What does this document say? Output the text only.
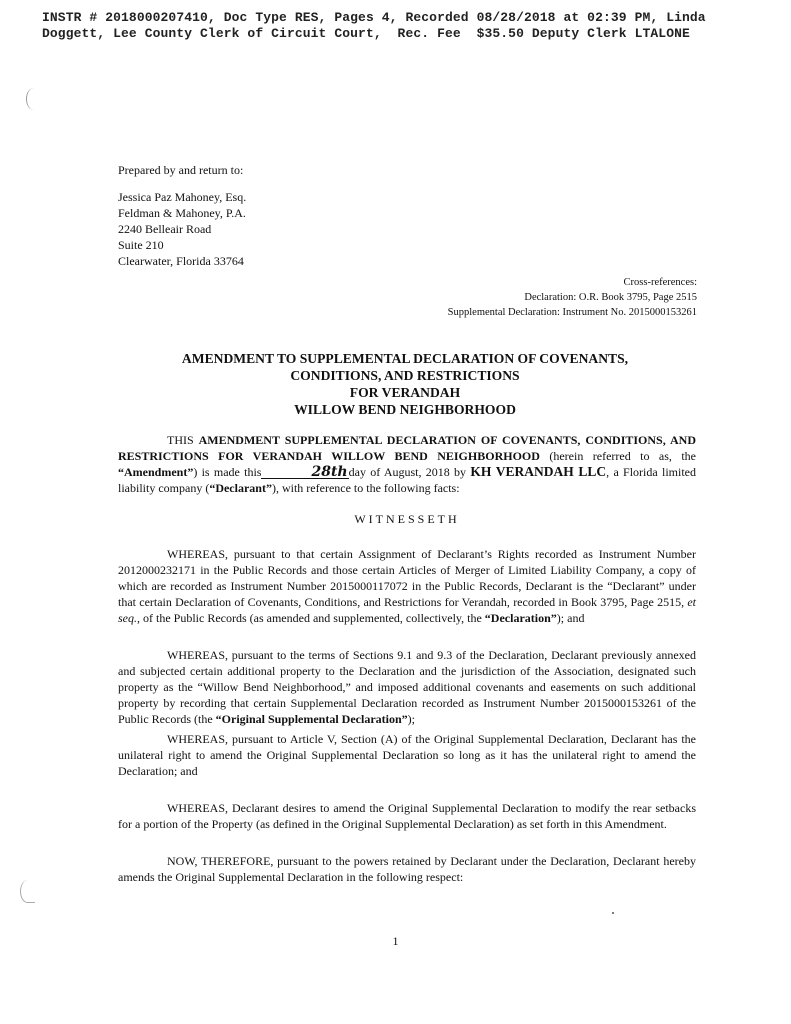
INSTR # 2018000207410, Doc Type RES, Pages 4, Recorded 08/28/2018 at 02:39 PM, Linda Doggett, Lee County Clerk of Circuit Court,  Rec. Fee  $35.50 Deputy Clerk LTALONE
Prepared by and return to:
Jessica Paz Mahoney, Esq.
Feldman & Mahoney, P.A.
2240 Belleair Road
Suite 210
Clearwater, Florida 33764
Cross-references:
Declaration: O.R. Book 3795, Page 2515
Supplemental Declaration: Instrument No. 2015000153261
AMENDMENT TO SUPPLEMENTAL DECLARATION OF COVENANTS,
CONDITIONS, AND RESTRICTIONS
FOR VERANDAH
WILLOW BEND NEIGHBORHOOD
THIS AMENDMENT SUPPLEMENTAL DECLARATION OF COVENANTS, CONDITIONS, AND RESTRICTIONS FOR VERANDAH WILLOW BEND NEIGHBORHOOD (herein referred to as, the “Amendment”) is made this	28thday of August, 2018 by KH VERANDAH LLC, a Florida limited liability company (“Declarant”), with reference to the following facts:
WITNESSETH
WHEREAS, pursuant to that certain Assignment of Declarant’s Rights recorded as Instrument Number 2012000232171 in the Public Records and those certain Articles of Merger of Limited Liability Company, a copy of which are recorded as Instrument Number 2015000117072 in the Public Records, Declarant is the “Declarant” under that certain Declaration of Covenants, Conditions, and Restrictions for Verandah, recorded in Book 3795, Page 2515, et seq., of the Public Records (as amended and supplemented, collectively, the “Declaration”); and
WHEREAS, pursuant to the terms of Sections 9.1 and 9.3 of the Declaration, Declarant previously annexed and subjected certain additional property to the Declaration and the jurisdiction of the Association, designated such property as the “Willow Bend Neighborhood,” and imposed additional covenants and easements on such additional property by recording that certain Supplemental Declaration recorded as Instrument Number 2015000153261 of the Public Records (the “Original Supplemental Declaration”);
WHEREAS, pursuant to Article V, Section (A) of the Original Supplemental Declaration, Declarant has the unilateral right to amend the Original Supplemental Declaration so long as it has the unilateral right to amend the Declaration; and
WHEREAS, Declarant desires to amend the Original Supplemental Declaration to modify the rear setbacks for a portion of the Property (as defined in the Original Supplemental Declaration) as set forth in this Amendment.
NOW, THEREFORE, pursuant to the powers retained by Declarant under the Declaration, Declarant hereby amends the Original Supplemental Declaration in the following respect:
1
